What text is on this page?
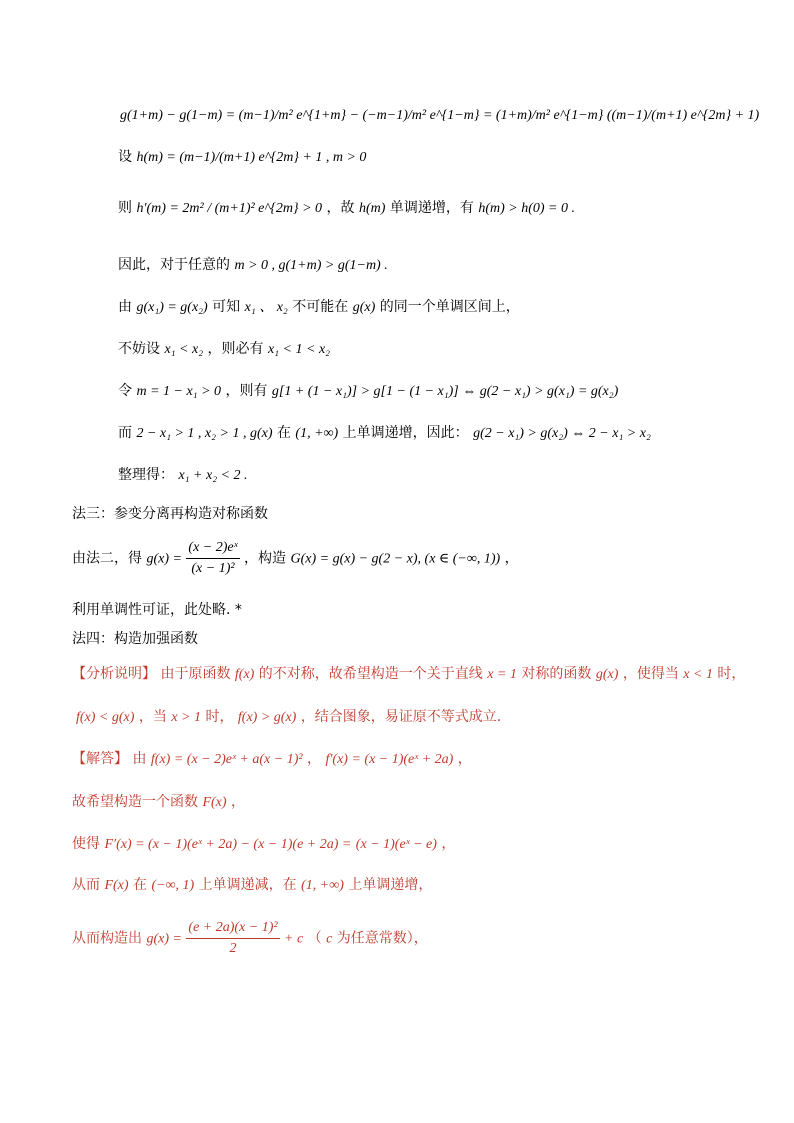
g(1+m) − g(1−m) = (m−1)/m² e^{1+m} − (−m−1)/m² e^{1−m} = (1+m)/m² e^{1−m} ((m−1)/(m+1) e^{2m} + 1)
设 h(m) = (m−1)/(m+1) e^{2m} + 1 , m > 0
则 h′(m) = 2m² / (m+1)² e^{2m} > 0 ，故 h(m) 单调递增，有 h(m) > h(0) = 0 .
因此，对于任意的 m > 0 , g(1+m) > g(1−m) .
由 g(x₁) = g(x₂) 可知 x₁ 、 x₂ 不可能在 g(x) 的同一个单调区间上，
不妨设 x₁ < x₂ ，则必有 x₁ < 1 < x₂
令 m = 1 − x₁ > 0 ，则有 g[1 + (1 − x₁)] > g[1 − (1 − x₁)] ⇔ g(2 − x₁) > g(x₁) = g(x₂)
而 2 − x₁ > 1 , x₂ > 1 , g(x) 在 (1, +∞) 上单调递增，因此： g(2 − x₁) > g(x₂) ⇔ 2 − x₁ > x₂
整理得： x₁ + x₂ < 2 .
法三：参变分离再构造对称函数
由法二，得 $g(x) = \frac{\text{(x − 2)eˣ}}{\text{(x − 1)²}}$ ，构造 G(x) = g(x) − g(2 − x), (x ∈ (−∞, 1)) ，
利用单调性可证，此处略. *
法四：构造加强函数
【分析说明】 由于原函数 f(x) 的不对称，故希望构造一个关于直线 x = 1 对称的函数 g(x) ，使得当 x < 1 时，
f(x) < g(x) ，当 x > 1 时， f(x) > g(x) ，结合图象，易证原不等式成立.
【解答】 由 f(x) = (x − 2)eˣ + a(x − 1)² ， f′(x) = (x − 1)(eˣ + 2a) ，
故希望构造一个函数 F(x) ，
使得 F′(x) = (x − 1)(eˣ + 2a) − (x − 1)(e + 2a) = (x − 1)(eˣ − e) ，
从而 F(x) 在 (−∞, 1) 上单调递减，在 (1, +∞) 上单调递增，
从而构造出 $g(x) = \frac{\text{(e + 2a)(x − 1)²}}{2} + c$ （ c 为任意常数），
